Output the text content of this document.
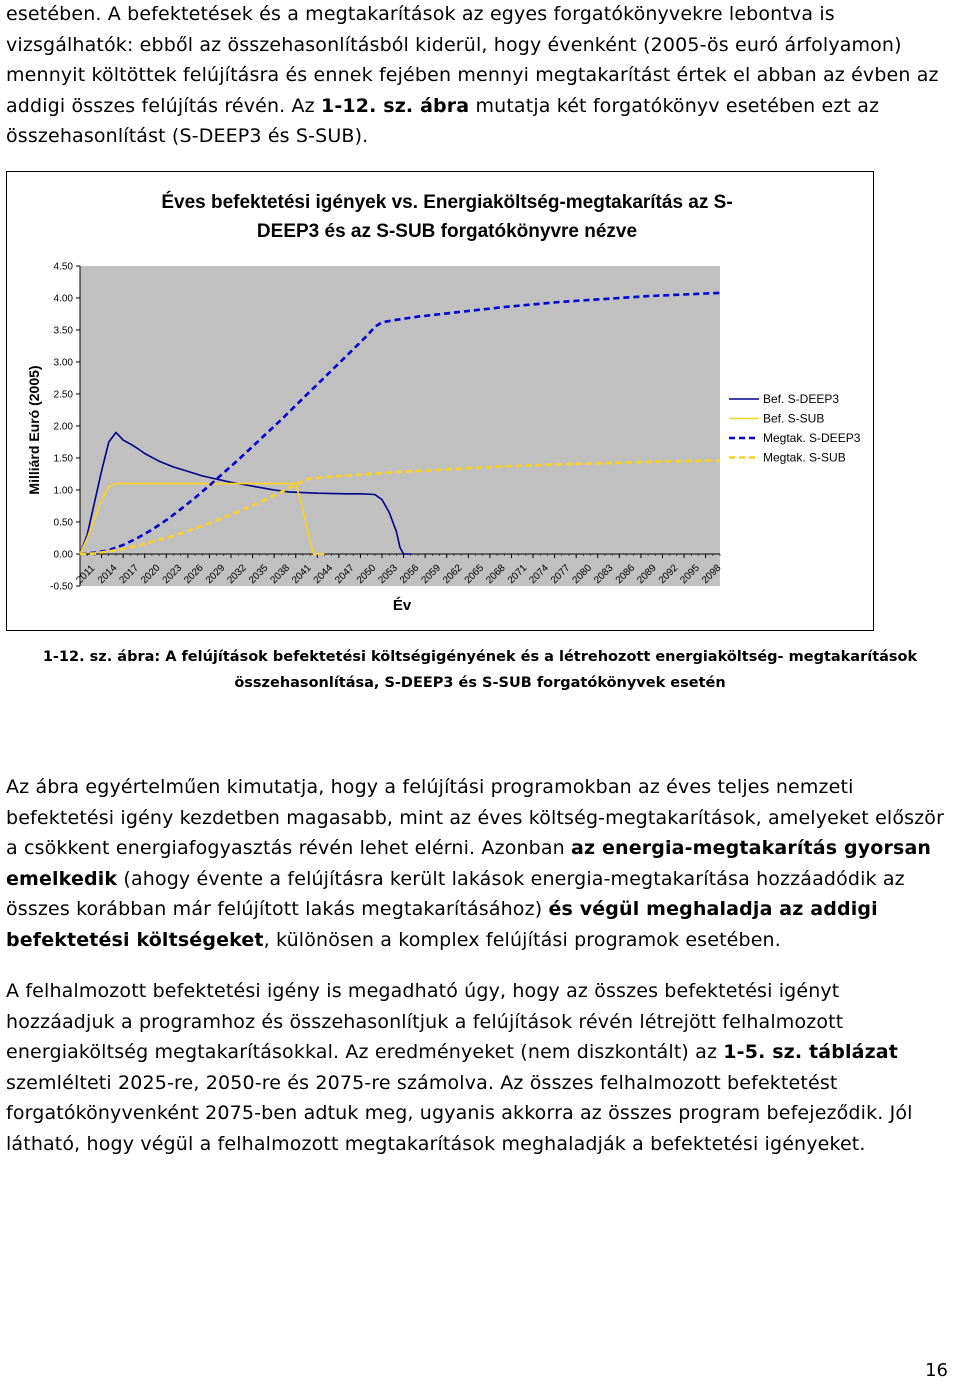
esetében. A befektetések és a megtakarítások az egyes forgatókönyvekre lebontva is vizsgálhatók: ebből az összehasonlításból kiderül, hogy évenként (2005-ös euró árfolyamon) mennyit költöttek felújításra és ennek fejében mennyi megtakarítást értek el abban az évben az addigi összes felújítás révén. Az 1-12. sz. ábra mutatja két forgatókönyv esetében ezt az összehasonlítást (S-DEEP3 és S-SUB).

Éves befektetési igények vs. Energiaköltség-megtakarítás az S-
DEEP3 és az S-SUB forgatókönyvre nézve
Milliárd Euró (2005)
Év
4.50
4.00
3.50
3.00
2.50
2.00
1.50
1.00
0.50
0.00
-0.50
2011
2014
2017
2020
2023
2026
2029
2032
2035
2038
2041
2044
2047
2050
2053
2056
2059
2062
2065
2068
2071
2074
2077
2080
2083
2086
2089
2092
2095
2098
Bef. S-DEEP3
Bef. S-SUB
Megtak. S-DEEP3
Megtak. S-SUB
1-12. sz. ábra: A felújítások befektetési költségigényének és a létrehozott energiaköltség- megtakarítások
összehasonlítása, S-DEEP3 és S-SUB forgatókönyvek esetén

Az ábra egyértelműen kimutatja, hogy a felújítási programokban az éves teljes nemzeti befektetési igény kezdetben magasabb, mint az éves költség-megtakarítások, amelyeket először a csökkent energiafogyasztás révén lehet elérni. Azonban az energia-megtakarítás gyorsan emelkedik (ahogy évente a felújításra került lakások energia-megtakarítása hozzáadódik az összes korábban már felújított lakás megtakarításához) és végül meghaladja az addigi befektetési költségeket, különösen a komplex felújítási programok esetében.

A felhalmozott befektetési igény is megadható úgy, hogy az összes befektetési igényt hozzáadjuk a programhoz és összehasonlítjuk a felújítások révén létrejött felhalmozott energiaköltség megtakarításokkal. Az eredményeket (nem diszkontált) az 1-5. sz. táblázat szemlélteti 2025-re, 2050-re és 2075-re számolva. Az összes felhalmozott befektetést forgatókönyvenként 2075-ben adtuk meg, ugyanis akkorra az összes program befejeződik. Jól látható, hogy végül a felhalmozott megtakarítások meghaladják a befektetési igényeket.

16
